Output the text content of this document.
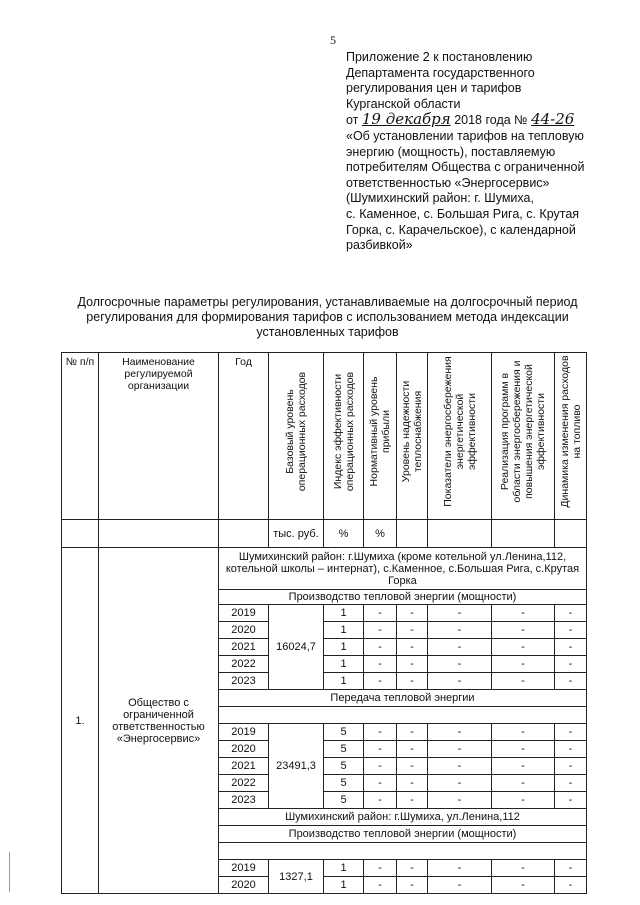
5
Приложение 2 к постановлению
Департамента государственного
регулирования цен и тарифов
Курганской области
от 19 декабря 2018 года № 44-26
«Об установлении тарифов на тепловую
энергию (мощность), поставляемую
потребителям Общества с ограниченной
ответственностью «Энергосервис»
(Шумихинский район: г. Шумиха,
с. Каменное, с. Большая Рига, с. Крутая
Горка, с. Карачельское), с календарной
разбивкой»
Долгосрочные параметры регулирования, устанавливаемые на долгосрочный период
регулирования для формирования тарифов с использованием метода индексации
установленных тарифов
№ п/п	Наименование регулируемой организации	Год	Базовый уровень операционных расходов	Индекс эффективности операционных расходов	Нормативный уровень прибыли	Уровень надежности теплоснабжения	Показатели энергосбережения энергетической эффективности	Реализация программ в области энергосбережения и повышения энергетической эффективности	Динамика изменения расходов на топливо

			тыс. руб.	%	%				
1.	Общество с ограниченной ответственностью «Энергосервис»	Шумихинский район: г.Шумиха (кроме котельной ул.Ленина,112, котельной школы – интернат), с.Каменное, с.Большая Рига, с.Крутая Горка							
		Производство тепловой энергии (мощности)							
		2019	16024,7	1	-	-	-	-	-
		2020		1	-	-	-	-	-
		2021		1	-	-	-	-	-
		2022		1	-	-	-	-	-
		2023		1	-	-	-	-	-
		Передача тепловой энергии							

		2019	23491,3	5	-	-	-	-	-
		2020		5	-	-	-	-	-
		2021		5	-	-	-	-	-
		2022		5	-	-	-	-	-
		2023		5	-	-	-	-	-
		Шумихинский район: г.Шумиха, ул.Ленина,112							
		Производство тепловой энергии (мощности)							

		2019	1327,1	1	-	-	-	-	-
		2020		1	-	-	-	-	-
